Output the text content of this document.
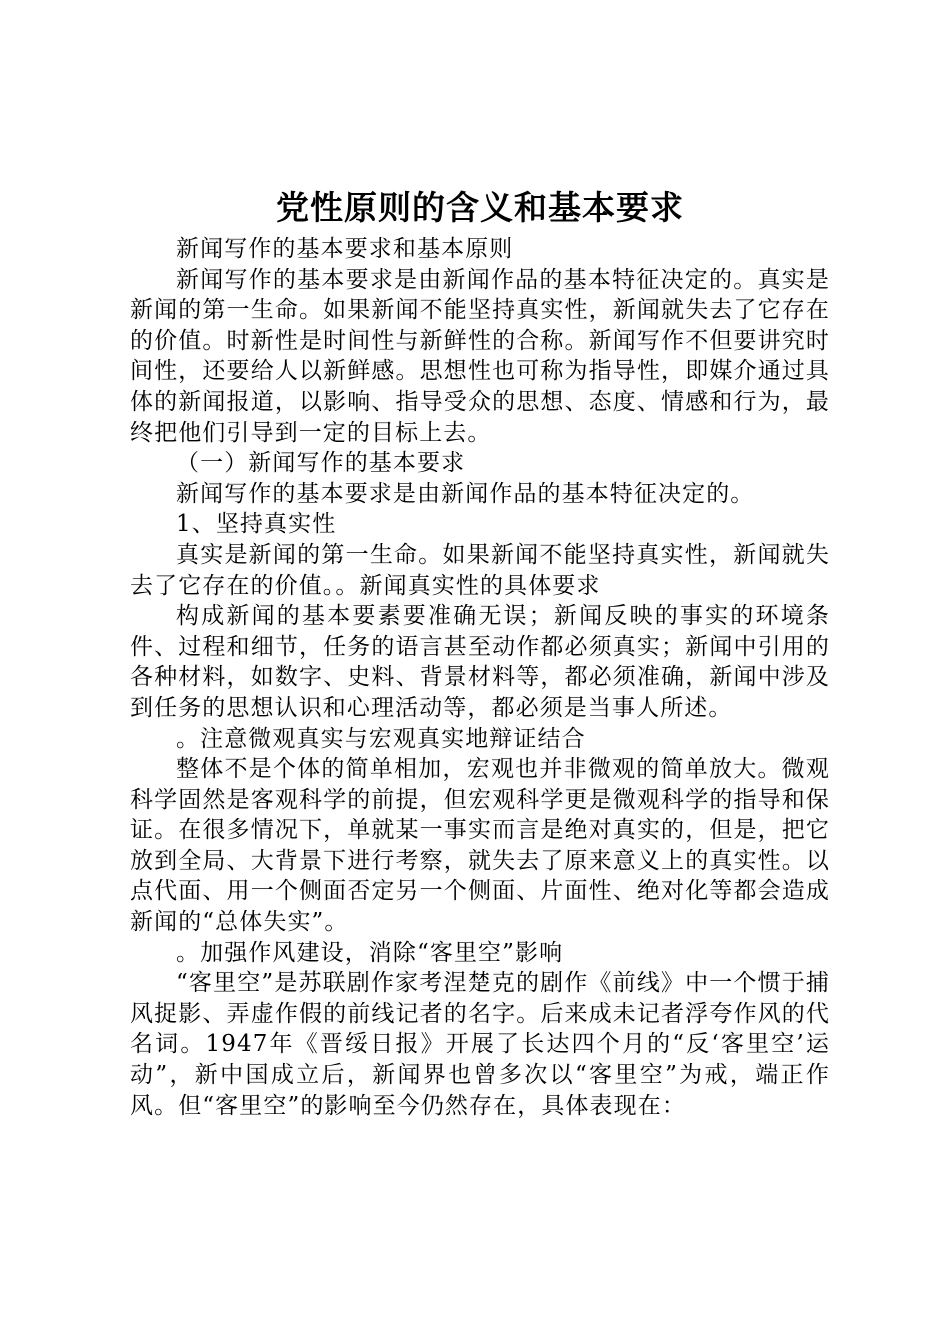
党性原则的含义和基本要求

新闻写作的基本要求和基本原则

新闻写作的基本要求是由新闻作品的基本特征决定的。真实是新闻的第一生命。如果新闻不能坚持真实性，新闻就失去了它存在的价值。时新性是时间性与新鲜性的合称。新闻写作不但要讲究时间性，还要给人以新鲜感。思想性也可称为指导性，即媒介通过具体的新闻报道，以影响、指导受众的思想、态度、情感和行为，最终把他们引导到一定的目标上去。

（一）新闻写作的基本要求

新闻写作的基本要求是由新闻作品的基本特征决定的。

1、坚持真实性

真实是新闻的第一生命。如果新闻不能坚持真实性，新闻就失去了它存在的价值。。新闻真实性的具体要求

构成新闻的基本要素要准确无误；新闻反映的事实的环境条件、过程和细节，任务的语言甚至动作都必须真实；新闻中引用的各种材料，如数字、史料、背景材料等，都必须准确，新闻中涉及到任务的思想认识和心理活动等，都必须是当事人所述。

。注意微观真实与宏观真实地辩证结合

整体不是个体的简单相加，宏观也并非微观的简单放大。微观科学固然是客观科学的前提，但宏观科学更是微观科学的指导和保证。在很多情况下，单就某一事实而言是绝对真实的，但是，把它放到全局、大背景下进行考察，就失去了原来意义上的真实性。以点代面、用一个侧面否定另一个侧面、片面性、绝对化等都会造成新闻的“总体失实”。

。加强作风建设，消除“客里空”影响

“客里空”是苏联剧作家考涅楚克的剧作《前线》中一个惯于捕风捉影、弄虚作假的前线记者的名字。后来成未记者浮夸作风的代名词。1947年《晋绥日报》开展了长达四个月的“反‘客里空’运动”，新中国成立后，新闻界也曾多次以“客里空”为戒，端正作风。但“客里空”的影响至今仍然存在，具体表现在：
